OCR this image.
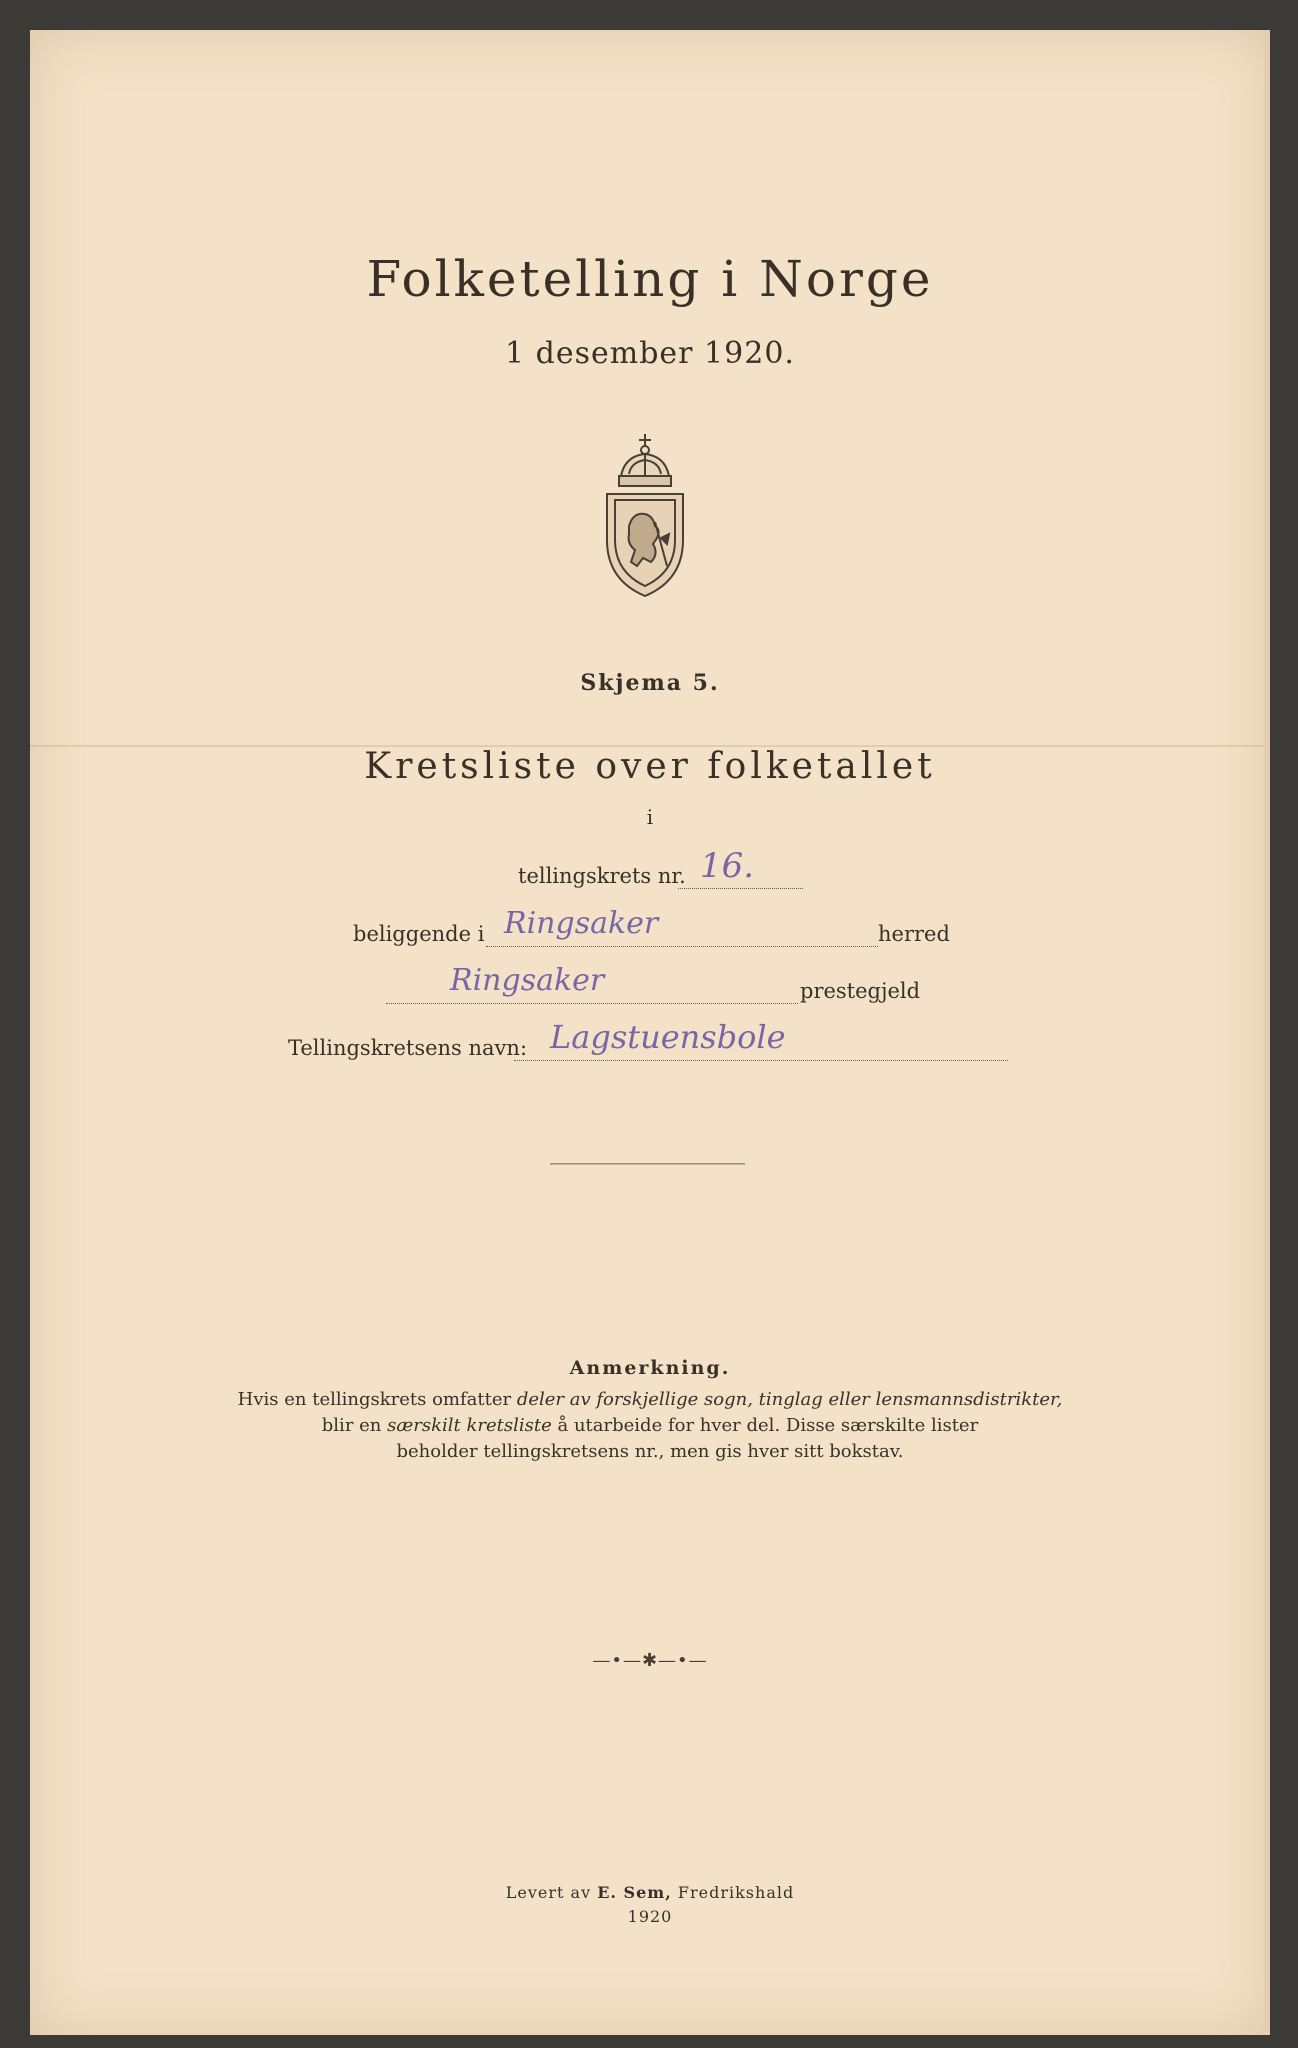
Folketelling i Norge
1 desember 1920.
Skjema 5.
Kretsliste over folketallet
i
tellingskrets nr. 16.
beliggende i Ringsaker	herred
Ringsaker	prestegjeld
Tellingskretsens navn: Lagstuensbole
Anmerkning.
Hvis en tellingskrets omfatter deler av forskjellige sogn, tinglag eller lensmannsdistrikter,
blir en særskilt kretsliste å utarbeide for hver del. Disse særskilte lister
beholder tellingskretsens nr., men gis hver sitt bokstav.
—•—✱—•—
Levert av E. Sem, Fredrikshald
1920
